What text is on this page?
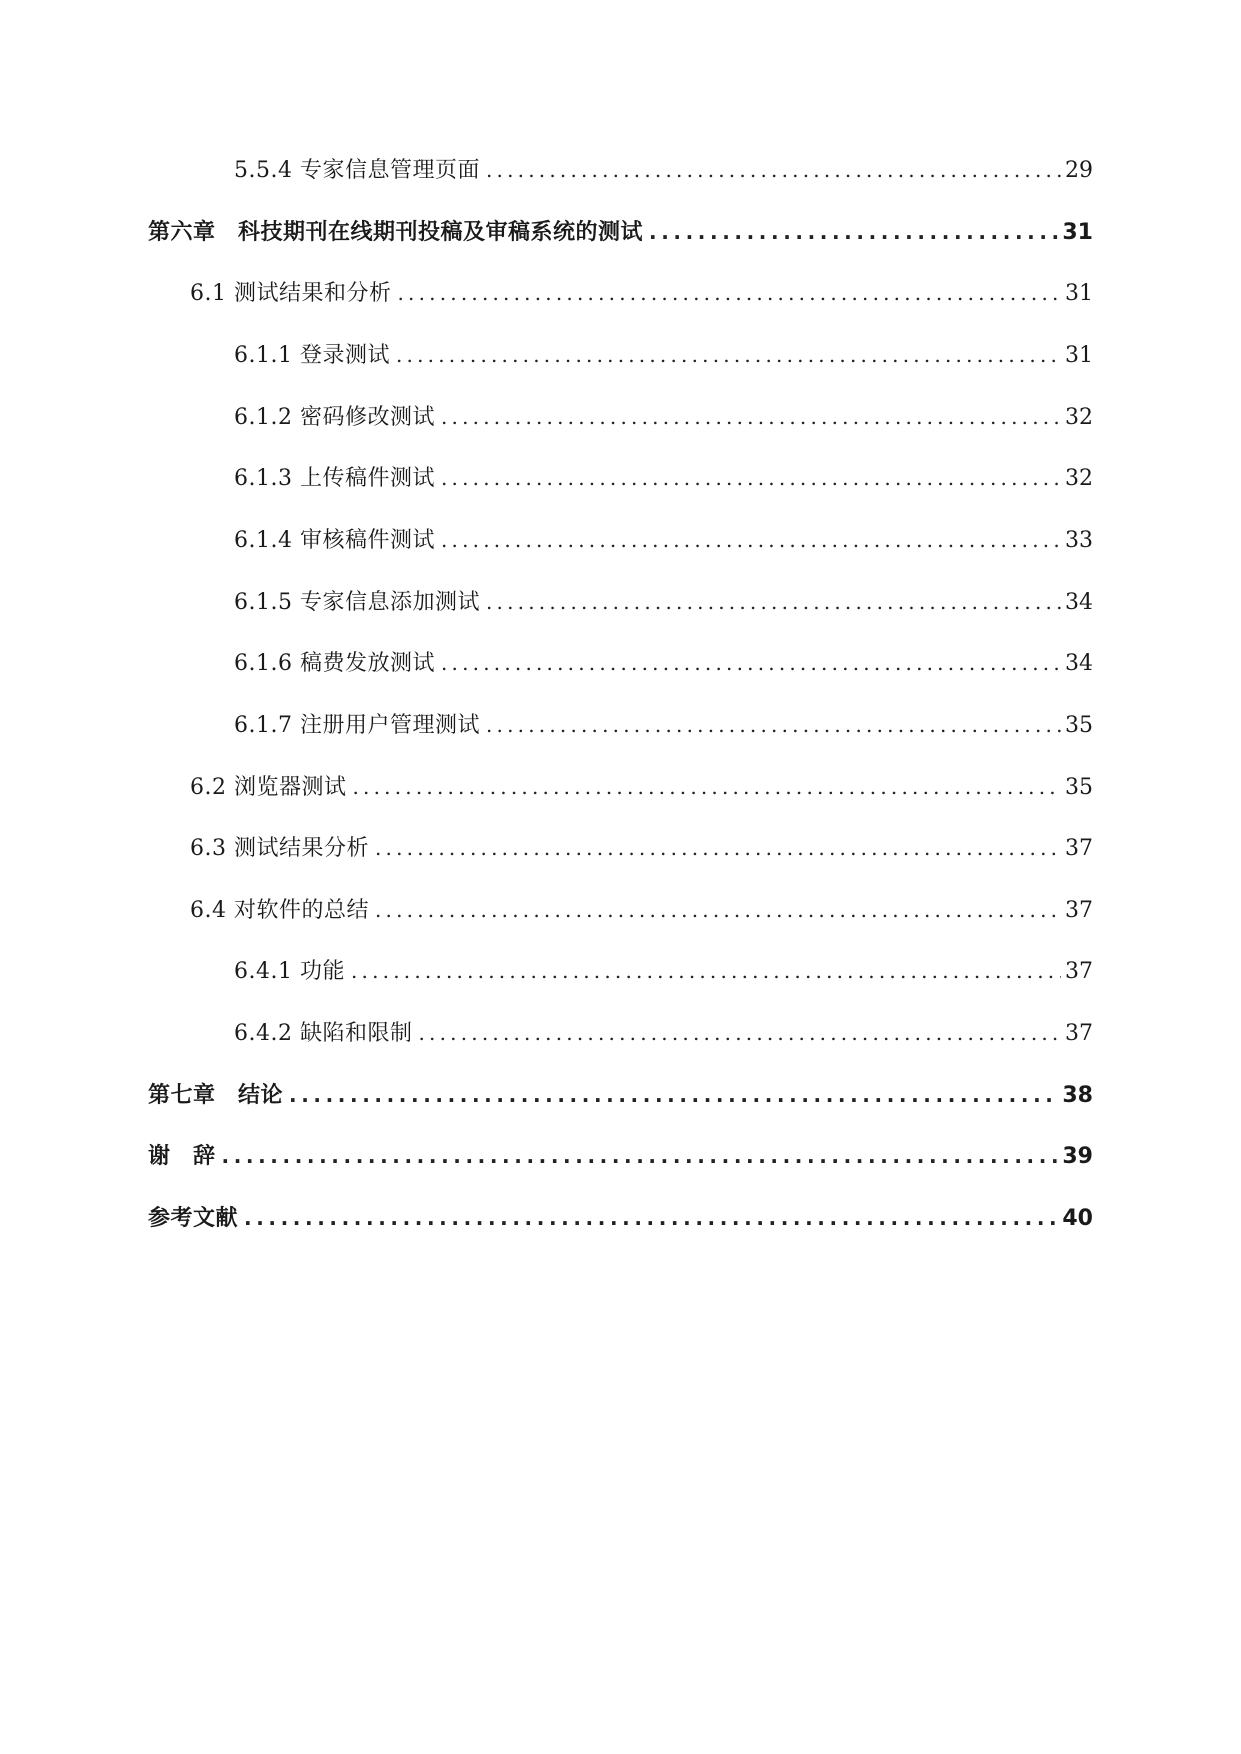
5.5.4 专家信息管理页面 .....	29
第六章　科技期刊在线期刊投稿及审稿系统的测试 .....	31
6.1 测试结果和分析 .....	31
6.1.1 登录测试 .....	31
6.1.2 密码修改测试 .....	32
6.1.3 上传稿件测试 .....	32
6.1.4 审核稿件测试 .....	33
6.1.5 专家信息添加测试 .....	34
6.1.6 稿费发放测试 .....	34
6.1.7 注册用户管理测试 .....	35
6.2 浏览器测试 .....	35
6.3 测试结果分析 .....	37
6.4 对软件的总结 .....	37
6.4.1 功能 .....	37
6.4.2 缺陷和限制 .....	37
第七章　结论 .....	38
谢　辞 .....	39
参考文献 .....	40
